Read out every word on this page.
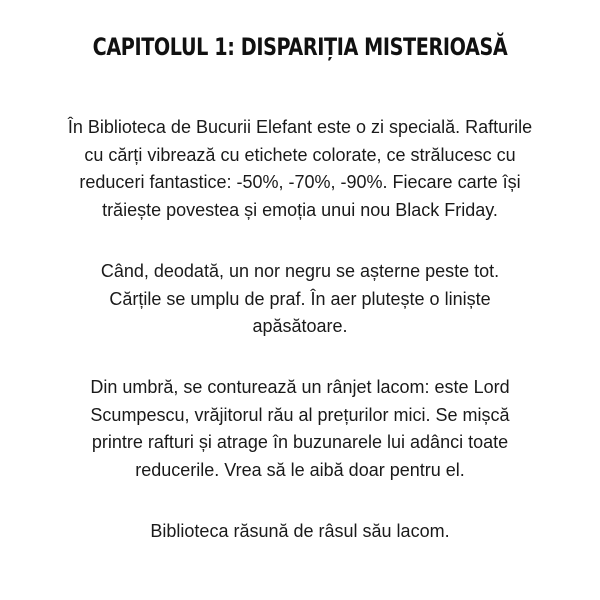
CAPITOLUL 1: DISPARIȚIA MISTERIOASĂ

În Biblioteca de Bucurii Elefant este o zi specială. Rafturile
cu cărți vibrează cu etichete colorate, ce strălucesc cu
reduceri fantastice: -50%, -70%, -90%. Fiecare carte își
trăiește povestea și emoția unui nou Black Friday.

Când, deodată, un nor negru se așterne peste tot.
Cărțile se umplu de praf. În aer plutește o liniște
apăsătoare.

Din umbră, se conturează un rânjet lacom: este Lord
Scumpescu, vrăjitorul rău al prețurilor mici. Se mișcă
printre rafturi și atrage în buzunarele lui adânci toate
reducerile. Vrea să le aibă doar pentru el.

Biblioteca răsună de râsul său lacom.
